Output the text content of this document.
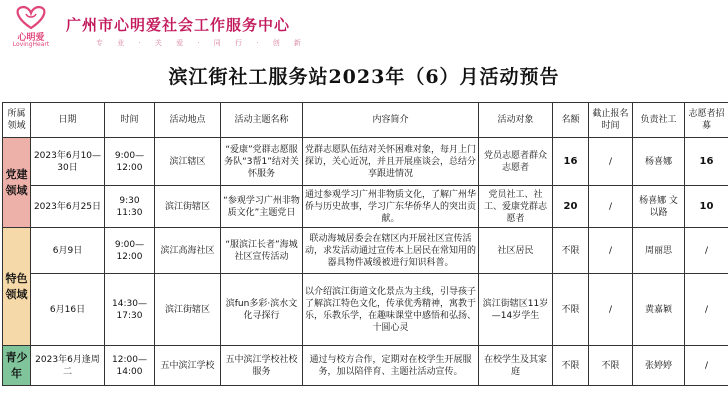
心明爱
LovingHeart
广州市心明爱社会工作服务中心
专 业 · 关 爱 · 同 行 · 创 新
滨江街社工服务站2023年（6）月活动预告
所属领域	日期	时间	活动地点	活动主题名称	内容简介	活动对象	名额	截止报名时间	负责社工	志愿者招募
党建领域	2023年6月10—30日	9:00—12:00	滨江辖区	“爱康”党群志愿服务队“3帮1”结对关怀服务	党群志愿队伍结对关怀困难对象，每月上门探访，关心近况，并且开展座谈会，总结分享跟进情况	党员志愿者群众志愿者	16	/	杨喜娜	16
	2023年6月25日	9:30 11:30	滨江街辖区	“参观学习广州非物质文化”主题党日	通过参观学习广州非物质文化，了解广州华侨与历史故事，学习广东华侨华人的突出贡献。	党员社工、社工、爱康党群志愿者	20	/	杨喜娜 文以路	10
特色领域	6月9日	9:00—12:00	滨江高海社区	“服滨江长者”海城社区宣传活动	联动海城居委会在辖区内开展社区宣传活动，求发活动通过宣传本上居民在常知用的器具物件减缓被进行知识科普。	社区居民	不限	/	周丽思	/
	6月16日	14:30—17:30	滨江街辖区	滨fun多彩·滨水文化寻探行	以介绍滨江街道文化景点为主线，引导孩子了解滨江特色文化，传承优秀精神，寓教于乐，乐教乐学，在趣味课堂中感悟和弘扬、十圆心灵	滨江街辖区11岁—14岁学生	不限	/	黄嘉颖	/
青少年	2023年6月逢周二	12:00—14:00	五中滨江学校	五中滨江学校社校服务	通过与校方合作，定期对在校学生开展服务，加以陪伴育、主题社活动宣传。	在校学生及其家庭	不限	不限	张婷婷	/
